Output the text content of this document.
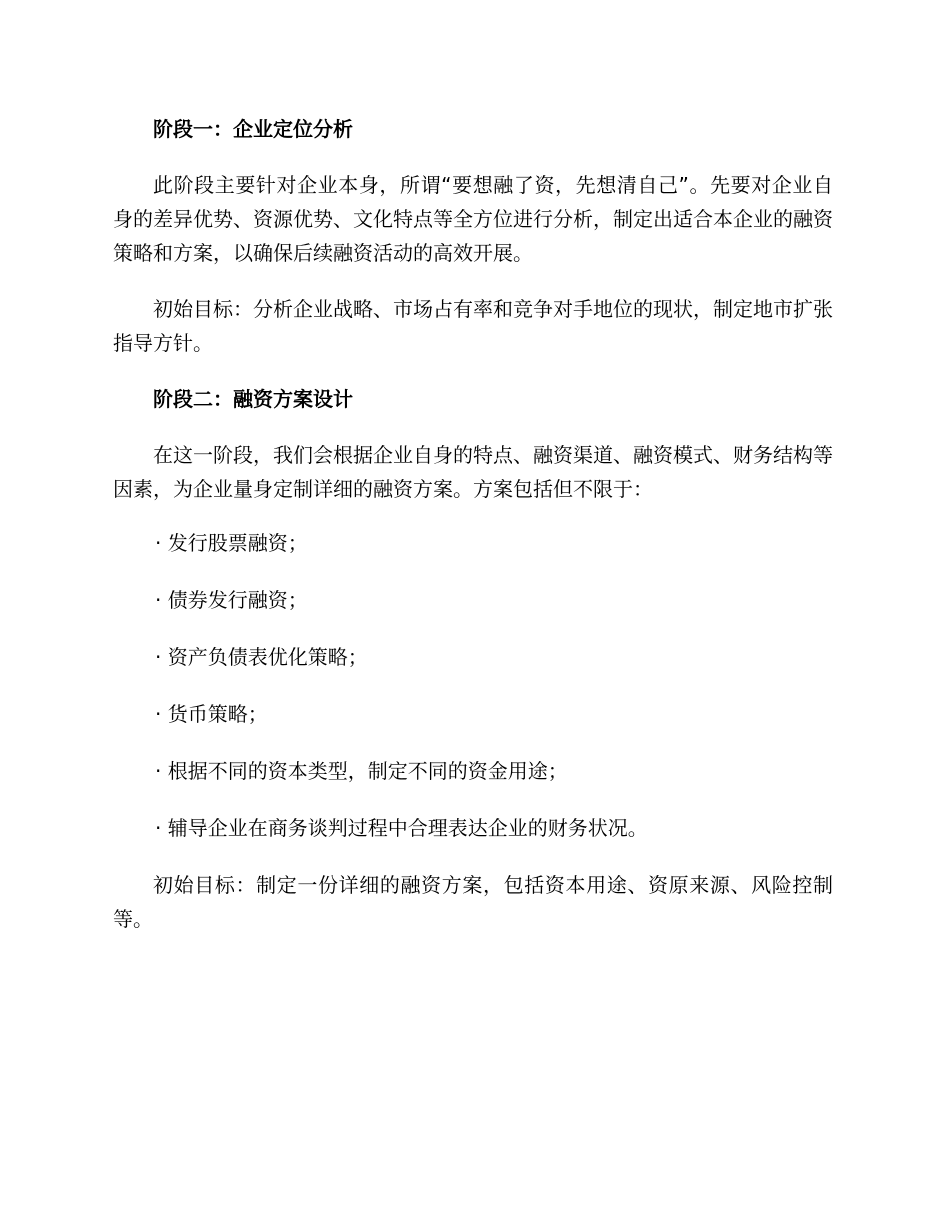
阶段一：企业定位分析
此阶段主要针对企业本身，所谓“要想融了资，先想清自己”。先要对企业自身的差异优势、资源优势、文化特点等全方位进行分析，制定出适合本企业的融资策略和方案，以确保后续融资活动的高效开展。
初始目标：分析企业战略、市场占有率和竞争对手地位的现状，制定地市扩张指导方针。
阶段二：融资方案设计
在这一阶段，我们会根据企业自身的特点、融资渠道、融资模式、财务结构等因素，为企业量身定制详细的融资方案。方案包括但不限于：
· 发行股票融资；
· 债券发行融资；
· 资产负债表优化策略；
· 货币策略；
· 根据不同的资本类型，制定不同的资金用途；
· 辅导企业在商务谈判过程中合理表达企业的财务状况。
初始目标：制定一份详细的融资方案，包括资本用途、资原来源、风险控制等。
